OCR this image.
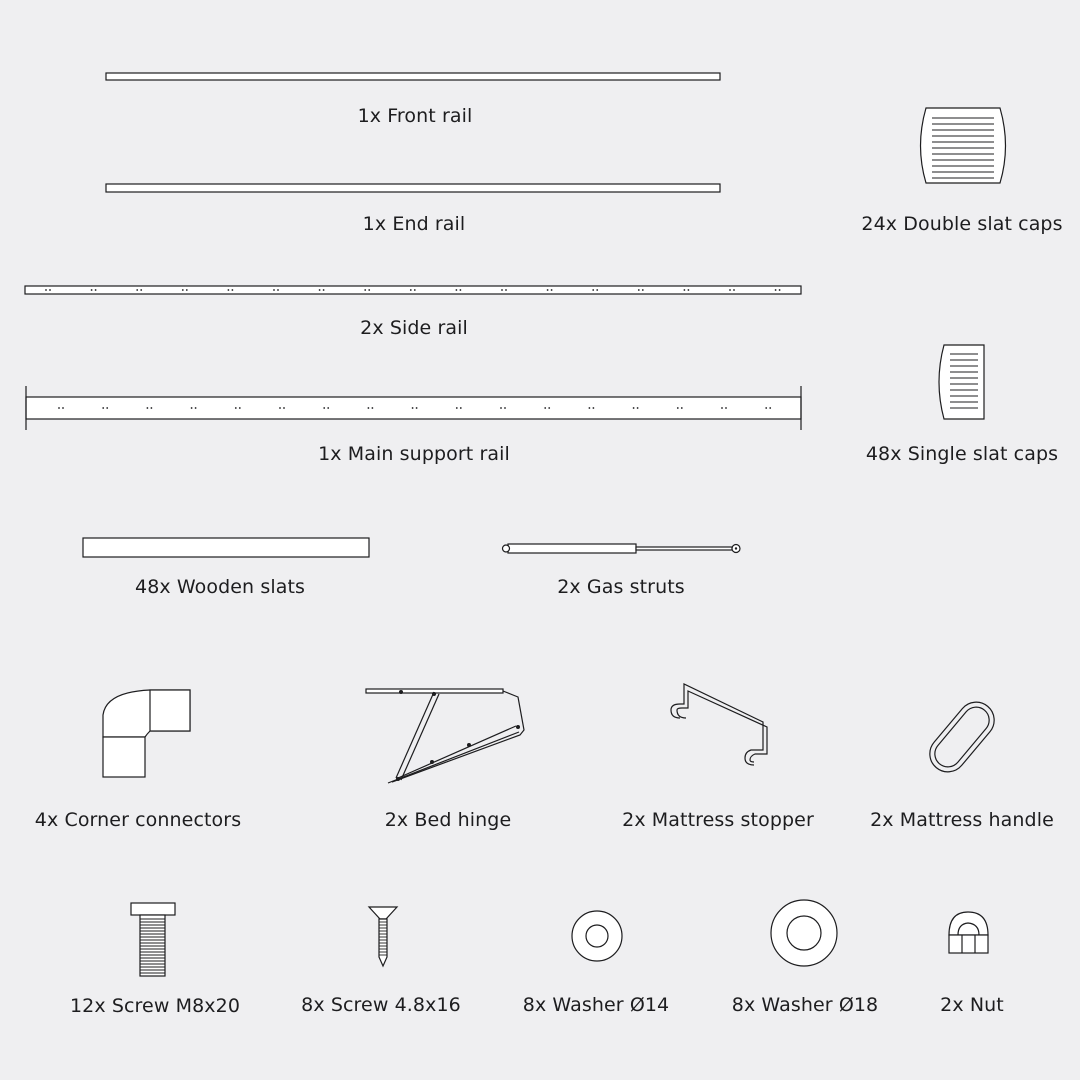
1x Front rail
1x End rail	24x Double slat caps
2x Side rail
1x Main support rail	48x Single slat caps
48x Wooden slats	2x Gas struts
4x Corner connectors	2x Bed hinge	2x Mattress stopper	2x Mattress handle
12x Screw M8x20	8x Screw 4.8x16	8x Washer Ø14	8x Washer Ø18	2x Nut
